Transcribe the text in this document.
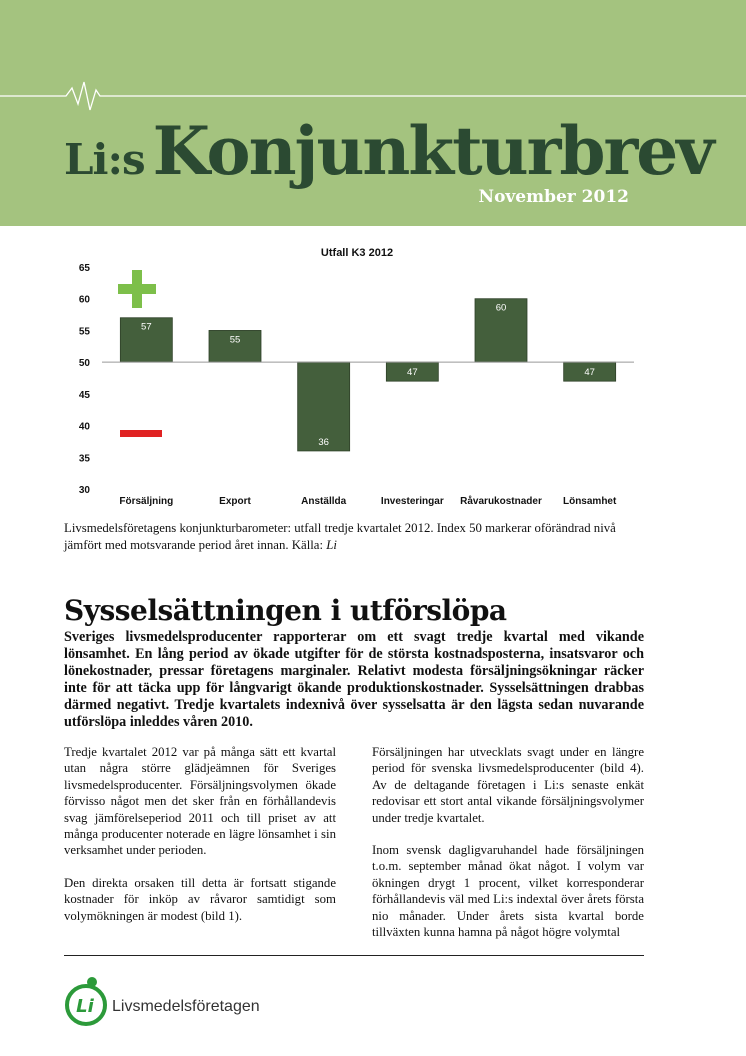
Li:s Konjunkturbrev
November 2012
Utfall K3 2012
30
35
40
45
50
55
60
65
57
55
36
47
60
47
Försäljning	Export	Anställda	Investeringar Råvarukostnader Lönsamhet
Livsmedelsföretagens konjunkturbarometer: utfall tredje kvartalet 2012. Index 50 markerar oförändrad nivå jämfört med motsvarande period året innan. Källa: Li
Sysselsättningen i utförslöpa
Sveriges livsmedelsproducenter rapporterar om ett svagt tredje kvartal med vikande lönsamhet. En lång period av ökade utgifter för de största kostnadsposterna, insatsvaror och lönekostnader, pressar företagens marginaler. Relativt modesta försäljningsökningar räcker inte för att täcka upp för långvarigt ökande produktionskostnader. Sysselsättningen drabbas därmed negativt. Tredje kvartalets indexnivå över sysselsatta är den lägsta sedan nuvarande utförslöpa inleddes våren 2010.

Tredje kvartalet 2012 var på många sätt ett kvartal utan några större glädjeämnen för Sveriges livsmedelsproducenter. Försäljningsvolymen ökade förvisso något men det sker från en förhållandevis svag jämförelseperiod 2011 och till priset av att många producenter noterade en lägre lönsamhet i sin verksamhet under perioden.

Den direkta orsaken till detta är fortsatt stigande kostnader för inköp av råvaror samtidigt som volymökningen är modest (bild 1).

Försäljningen har utvecklats svagt under en längre period för svenska livsmedelsproducenter (bild 4). Av de deltagande företagen i Li:s senaste enkät redovisar ett stort antal vikande försäljningsvolymer under tredje kvartalet.

Inom svensk dagligvaruhandel hade försäljningen t.o.m. september månad ökat något. I volym var ökningen drygt 1 procent, vilket korresponderar förhållandevis väl med Li:s indextal över årets första nio månader. Under årets sista kvartal borde tillväxten kunna hamna på något högre volymtal

Li Livsmedelsföretagen
